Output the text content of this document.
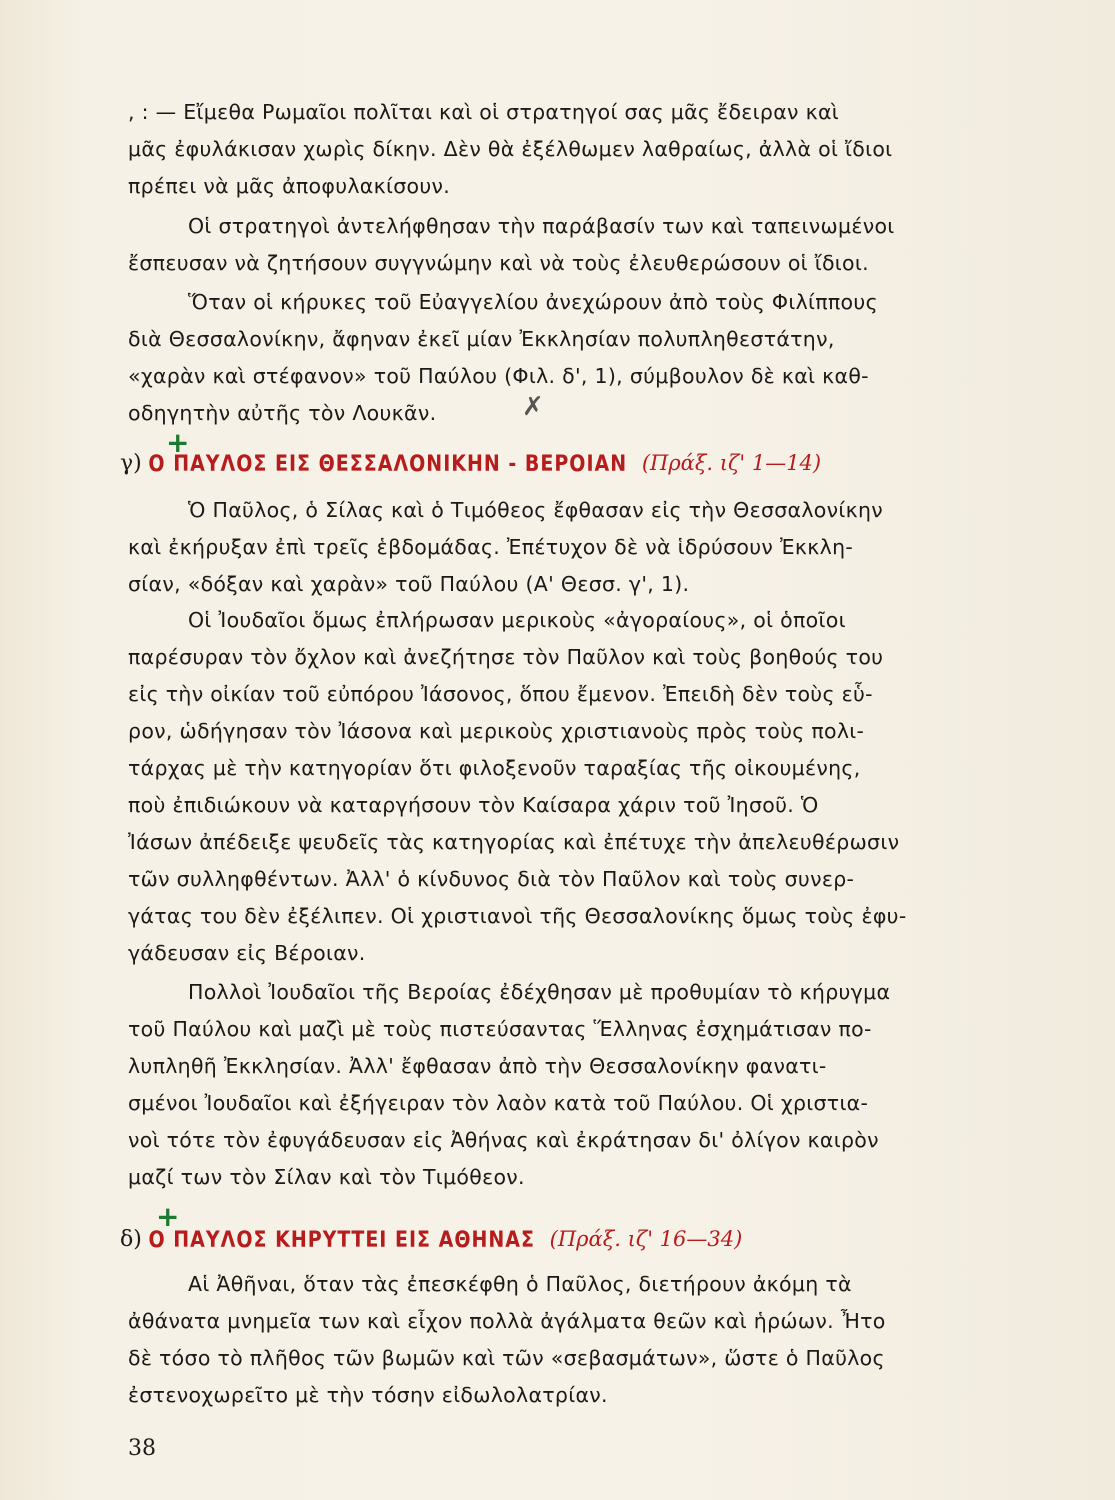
, : — Εἴμεθα Ρωμαῖοι πολῖται καὶ οἱ στρατηγοί σας μᾶς ἔδειραν καὶ
μᾶς ἐφυλάκισαν χωρὶς δίκην. Δὲν θὰ ἐξέλθωμεν λαθραίως, ἀλλὰ οἱ ἴδιοι
πρέπει νὰ μᾶς ἀποφυλακίσουν.
Οἱ στρατηγοὶ ἀντελήφθησαν τὴν παράβασίν των καὶ ταπεινωμένοι
ἔσπευσαν νὰ ζητήσουν συγγνώμην καὶ νὰ τοὺς ἐλευθερώσουν οἱ ἴδιοι.
Ὅταν οἱ κήρυκες τοῦ Εὐαγγελίου ἀνεχώρουν ἀπὸ τοὺς Φιλίππους
διὰ Θεσσαλονίκην, ἄφηναν ἐκεῖ μίαν Ἐκκλησίαν πολυπληθεστάτην,
«χαρὰν καὶ στέφανον» τοῦ Παύλου (Φιλ. δ', 1), σύμβουλον δὲ καὶ καθ-
οδηγητὴν αὐτῆς τὸν Λουκᾶν.	✗
γ) Ο ΠΑΥΛΟΣ ΕΙΣ ΘΕΣΣΑΛΟΝΙΚΗΝ - ΒΕΡΟΙΑΝ (Πράξ. ιζ' 1—14)
+
Ὁ Παῦλος, ὁ Σίλας καὶ ὁ Τιμόθεος ἔφθασαν εἰς τὴν Θεσσαλονίκην
καὶ ἐκήρυξαν ἐπὶ τρεῖς ἑβδομάδας. Ἐπέτυχον δὲ νὰ ἱδρύσουν Ἐκκλη-
σίαν, «δόξαν καὶ χαρὰν» τοῦ Παύλου (Α' Θεσσ. γ', 1).
Οἱ Ἰουδαῖοι ὅμως ἐπλήρωσαν μερικοὺς «ἀγοραίους», οἱ ὁποῖοι
παρέσυραν τὸν ὄχλον καὶ ἀνεζήτησε τὸν Παῦλον καὶ τοὺς βοηθούς του
εἰς τὴν οἰκίαν τοῦ εὐπόρου Ἰάσονος, ὅπου ἔμενον. Ἐπειδὴ δὲν τοὺς εὗ-
ρον, ὡδήγησαν τὸν Ἰάσονα καὶ μερικοὺς χριστιανοὺς πρὸς τοὺς πολι-
τάρχας μὲ τὴν κατηγορίαν ὅτι φιλοξενοῦν ταραξίας τῆς οἰκουμένης,
ποὺ ἐπιδιώκουν νὰ καταργήσουν τὸν Καίσαρα χάριν τοῦ Ἰησοῦ. Ὁ
Ἰάσων ἀπέδειξε ψευδεῖς τὰς κατηγορίας καὶ ἐπέτυχε τὴν ἀπελευθέρωσιν
τῶν συλληφθέντων. Ἀλλ' ὁ κίνδυνος διὰ τὸν Παῦλον καὶ τοὺς συνερ-
γάτας του δὲν ἐξέλιπεν. Οἱ χριστιανοὶ τῆς Θεσσαλονίκης ὅμως τοὺς ἐφυ-
γάδευσαν εἰς Βέροιαν.
Πολλοὶ Ἰουδαῖοι τῆς Βεροίας ἐδέχθησαν μὲ προθυμίαν τὸ κήρυγμα
τοῦ Παύλου καὶ μαζὶ μὲ τοὺς πιστεύσαντας Ἕλληνας ἐσχημάτισαν πο-
λυπληθῆ Ἐκκλησίαν. Ἀλλ' ἔφθασαν ἀπὸ τὴν Θεσσαλονίκην φανατι-
σμένοι Ἰουδαῖοι καὶ ἐξήγειραν τὸν λαὸν κατὰ τοῦ Παύλου. Οἱ χριστια-
νοὶ τότε τὸν ἐφυγάδευσαν εἰς Ἀθήνας καὶ ἐκράτησαν δι' ὀλίγον καιρὸν
μαζί των τὸν Σίλαν καὶ τὸν Τιμόθεον.
δ) Ο ΠΑΥΛΟΣ ΚΗΡΥΤΤΕΙ ΕΙΣ ΑΘΗΝΑΣ (Πράξ. ιζ' 16—34)
+
Αἱ Ἀθῆναι, ὅταν τὰς ἐπεσκέφθη ὁ Παῦλος, διετήρουν ἀκόμη τὰ
ἀθάνατα μνημεῖα των καὶ εἶχον πολλὰ ἀγάλματα θεῶν καὶ ἡρώων. Ἦτο
δὲ τόσο τὸ πλῆθος τῶν βωμῶν καὶ τῶν «σεβασμάτων», ὥστε ὁ Παῦλος
ἐστενοχωρεῖτο μὲ τὴν τόσην εἰδωλολατρίαν.
38
